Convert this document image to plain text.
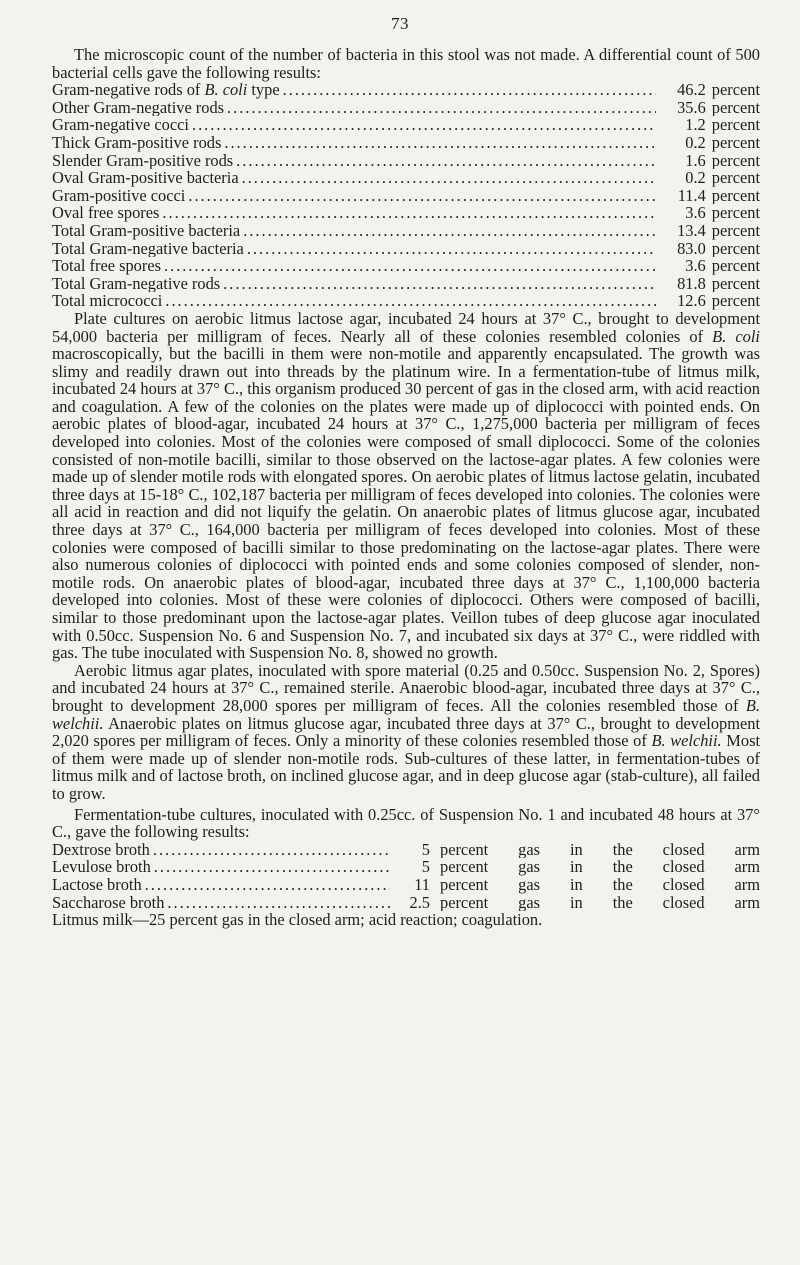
73

The microscopic count of the number of bacteria in this stool was not made. A differential count of 500 bacterial cells gave the following results:

Gram-negative rods of B. coli type .....	46.2 percent
Other Gram-negative rods .....	35.6 percent
Gram-negative cocci .....	1.2 percent
Thick Gram-positive rods .....	0.2 percent
Slender Gram-positive rods .....	1.6 percent
Oval Gram-positive bacteria .....	0.2 percent
Gram-positive cocci .....	11.4 percent
Oval free spores .....	3.6 percent
Total Gram-positive bacteria .....	13.4 percent
Total Gram-negative bacteria .....	83.0 percent
Total free spores .....	3.6 percent
Total Gram-negative rods .....	81.8 percent
Total micrococci .....	12.6 percent

Plate cultures on aerobic litmus lactose agar, incubated 24 hours at 37° C., brought to development 54,000 bacteria per milligram of feces. Nearly all of these colonies resembled colonies of B. coli macroscopically, but the bacilli in them were non-motile and apparently encapsulated. The growth was slimy and readily drawn out into threads by the platinum wire. In a fermentation-tube of litmus milk, incubated 24 hours at 37° C., this organism produced 30 percent of gas in the closed arm, with acid reaction and coagulation. A few of the colonies on the plates were made up of diplococci with pointed ends. On aerobic plates of blood-agar, incubated 24 hours at 37° C., 1,275,000 bacteria per milligram of feces developed into colonies. Most of the colonies were composed of small diplococci. Some of the colonies consisted of non-motile bacilli, similar to those observed on the lactose-agar plates. A few colonies were made up of slender motile rods with elongated spores. On aerobic plates of litmus lactose gelatin, incubated three days at 15-18° C., 102,187 bacteria per milligram of feces developed into colonies. The colonies were all acid in reaction and did not liquify the gelatin. On anaerobic plates of litmus glucose agar, incubated three days at 37° C., 164,000 bacteria per milligram of feces developed into colonies. Most of these colonies were composed of bacilli similar to those predominating on the lactose-agar plates. There were also numerous colonies of diplococci with pointed ends and some colonies composed of slender, non-motile rods. On anaerobic plates of blood-agar, incubated three days at 37° C., 1,100,000 bacteria developed into colonies. Most of these were colonies of diplococci. Others were composed of bacilli, similar to those predominant upon the lactose-agar plates. Veillon tubes of deep glucose agar inoculated with 0.50cc. Suspension No. 6 and Suspension No. 7, and incubated six days at 37° C., were riddled with gas. The tube inoculated with Suspension No. 8, showed no growth.

Aerobic litmus agar plates, inoculated with spore material (0.25 and 0.50cc. Suspension No. 2, Spores) and incubated 24 hours at 37° C., remained sterile. Anaerobic blood-agar, incubated three days at 37° C., brought to development 28,000 spores per milligram of feces. All the colonies resembled those of B. welchii. Anaerobic plates on litmus glucose agar, incubated three days at 37° C., brought to development 2,020 spores per milligram of feces. Only a minority of these colonies resembled those of B. welchii. Most of them were made up of slender non-motile rods. Sub-cultures of these latter, in fermentation-tubes of litmus milk and of lactose broth, on inclined glucose agar, and in deep glucose agar (stab-culture), all failed to grow.

Fermentation-tube cultures, inoculated with 0.25cc. of Suspension No. 1 and incubated 48 hours at 37° C., gave the following results:

Dextrose broth .....	5 percent gas in the closed arm
Levulose broth .....	5 percent gas in the closed arm
Lactose broth .....	11 percent gas in the closed arm
Saccharose broth .....	2.5 percent gas in the closed arm

Litmus milk—25 percent gas in the closed arm; acid reaction; coagulation.
